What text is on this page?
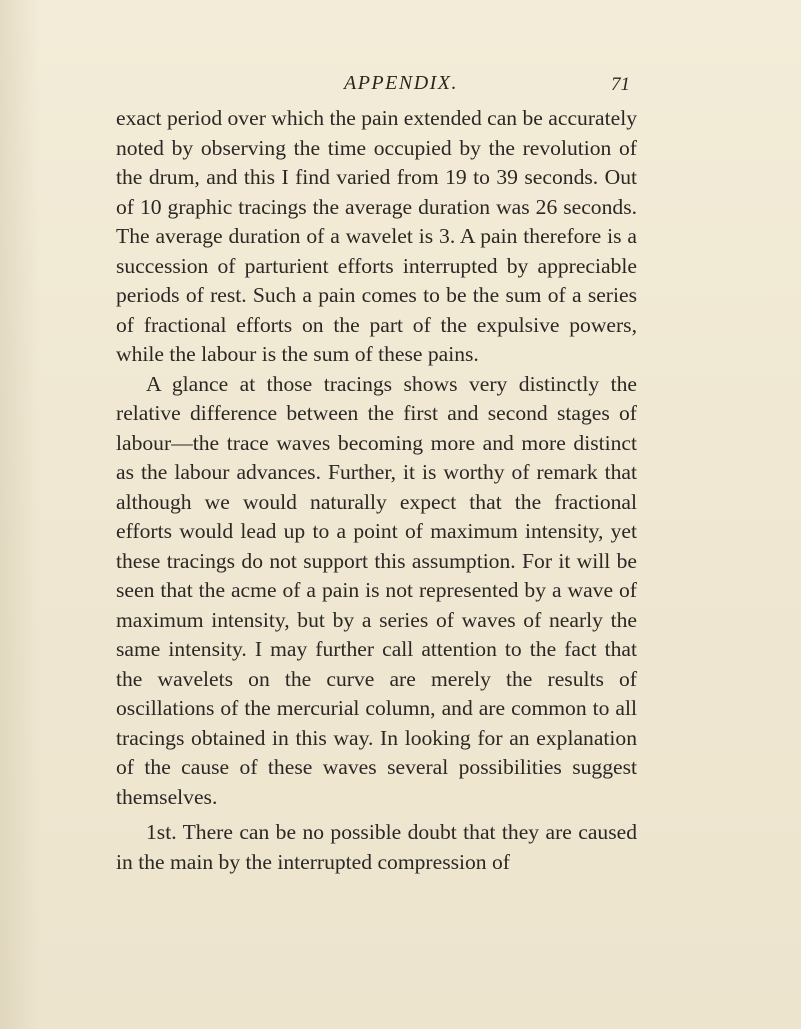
APPENDIX.	71

exact period over which the pain extended can be accurately noted by observing the time occupied by the revolution of the drum, and this I find varied from 19 to 39 seconds. Out of 10 graphic tracings the average duration was 26 seconds. The average duration of a wavelet is 3. A pain therefore is a succession of parturient efforts interrupted by appreciable periods of rest. Such a pain comes to be the sum of a series of fractional efforts on the part of the expulsive powers, while the labour is the sum of these pains.

A glance at those tracings shows very distinctly the relative difference between the first and second stages of labour—the trace waves becoming more and more distinct as the labour advances. Further, it is worthy of remark that although we would naturally expect that the fractional efforts would lead up to a point of maximum intensity, yet these tracings do not support this assumption. For it will be seen that the acme of a pain is not represented by a wave of maximum intensity, but by a series of waves of nearly the same intensity. I may further call attention to the fact that the wavelets on the curve are merely the results of oscillations of the mercurial column, and are common to all tracings obtained in this way. In looking for an explanation of the cause of these waves several possibilities suggest themselves.

1st. There can be no possible doubt that they are caused in the main by the interrupted compression of
